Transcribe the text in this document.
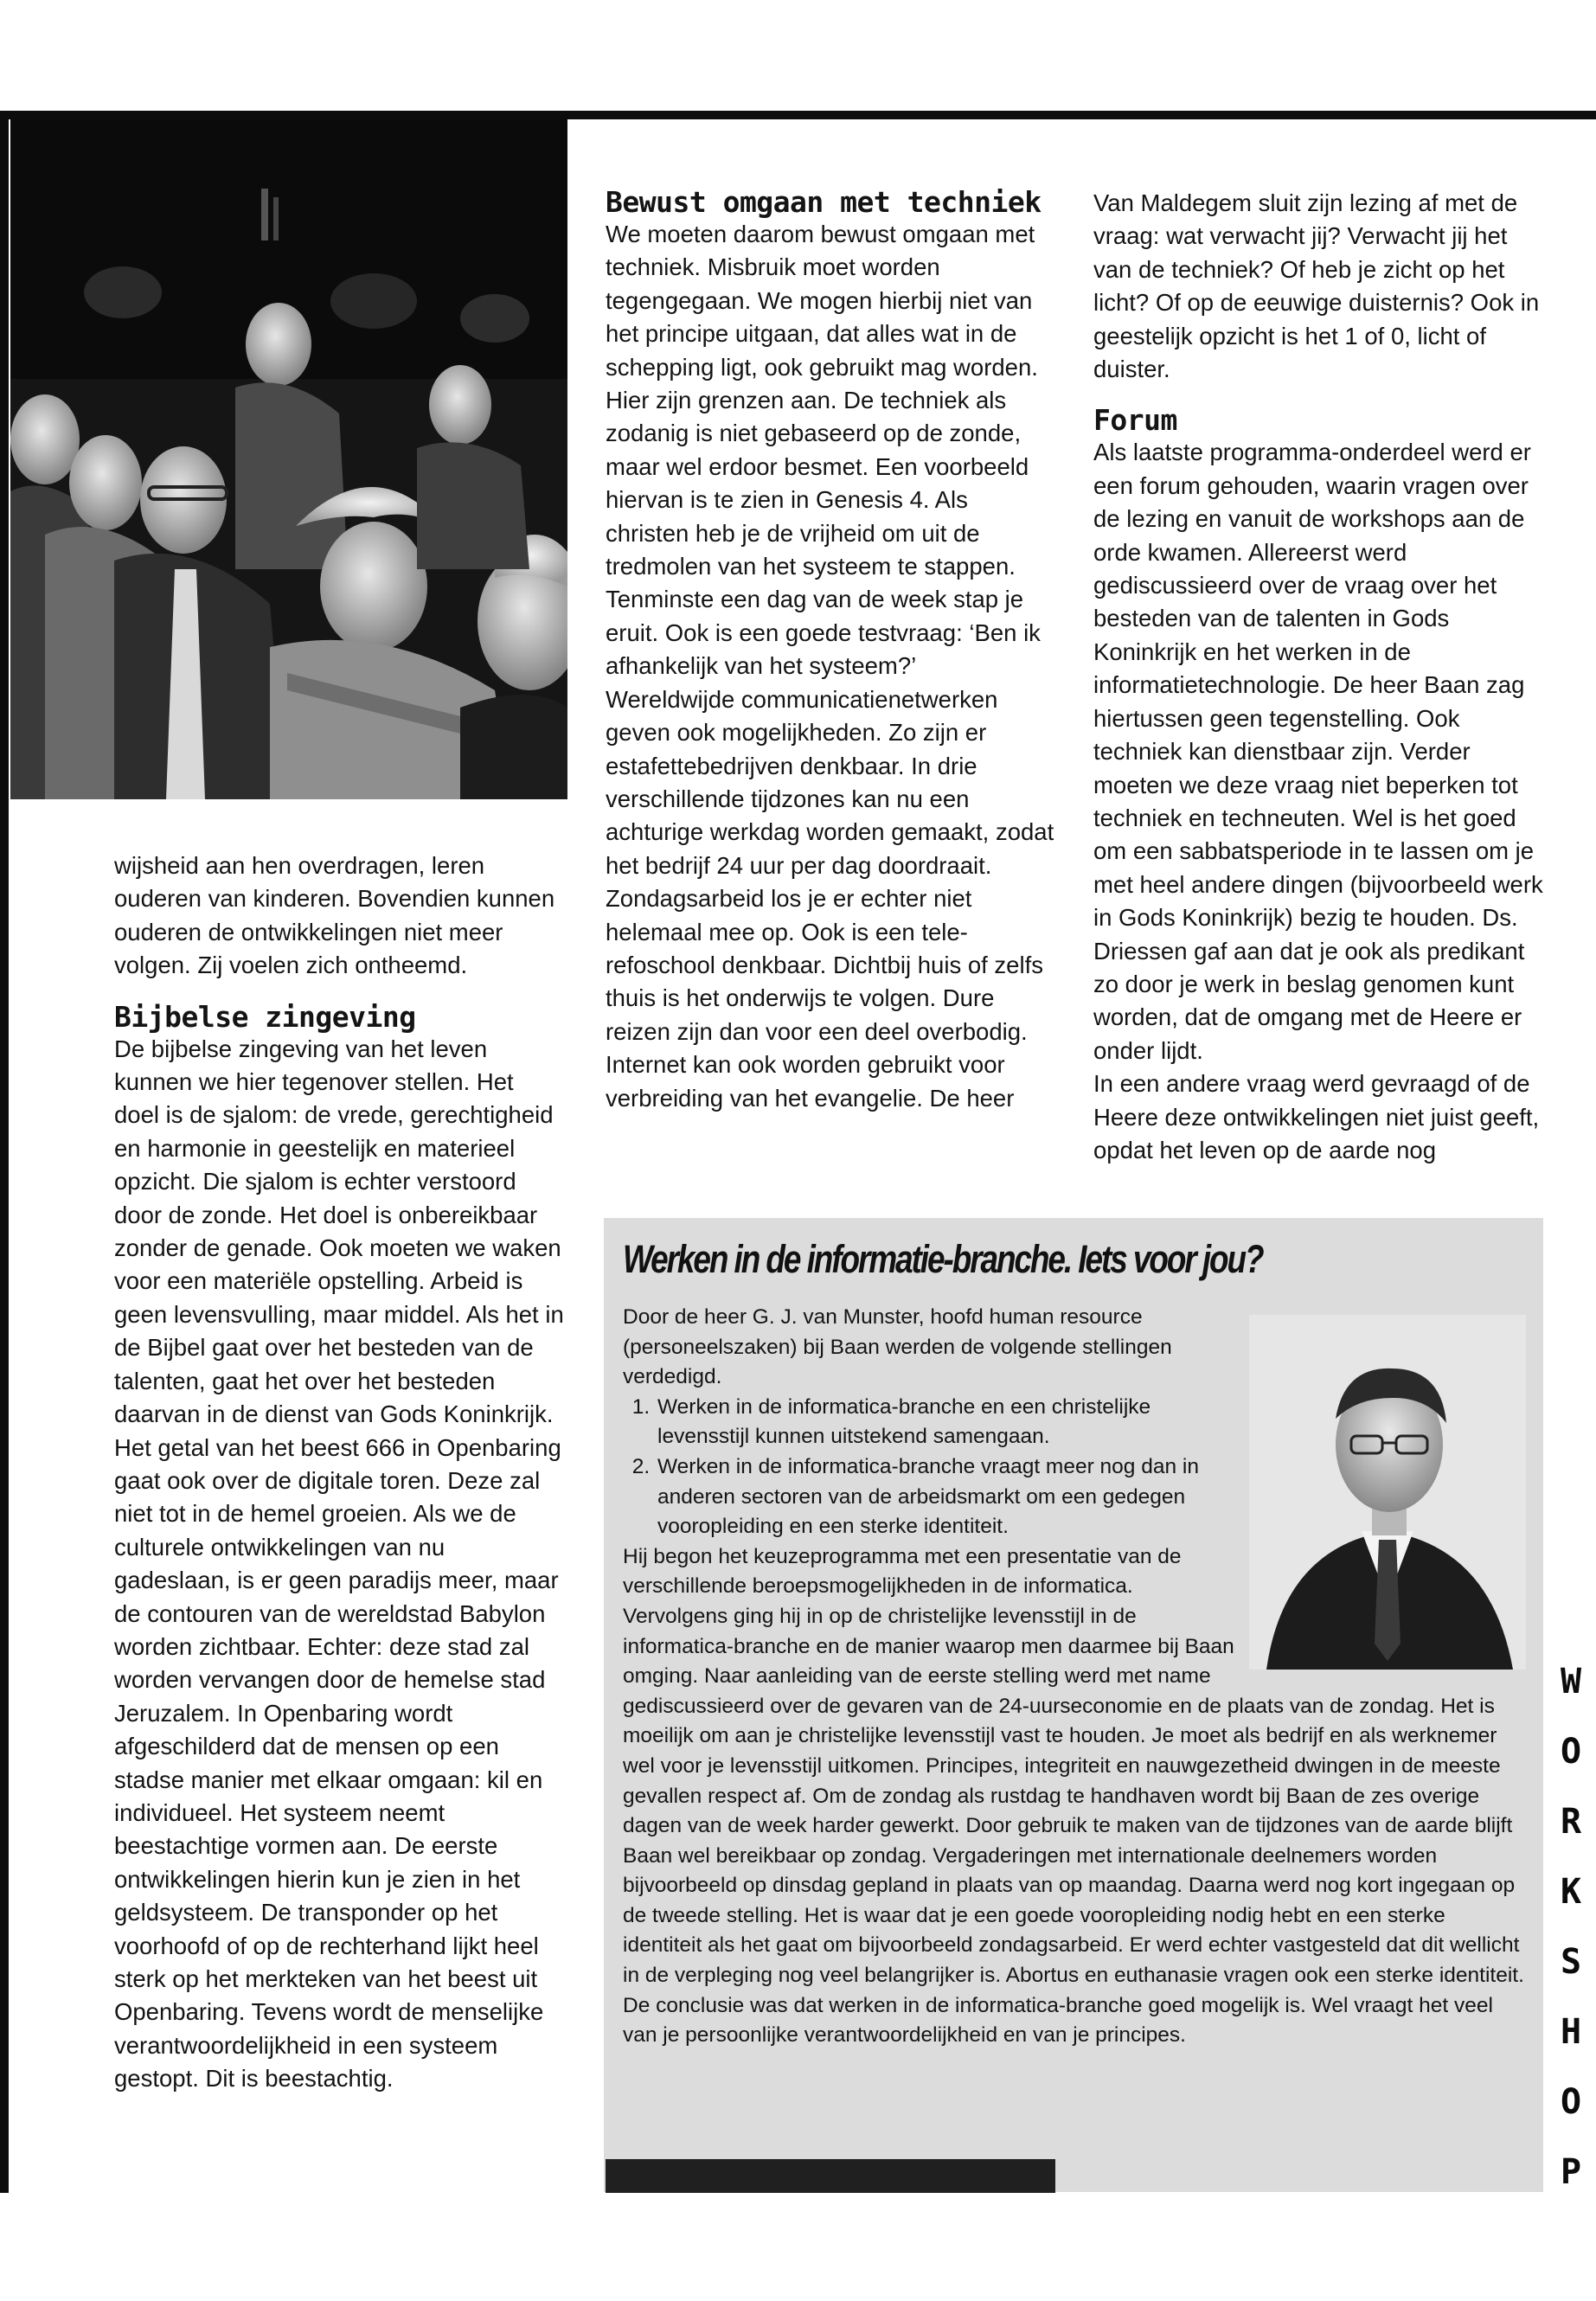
wijsheid aan hen overdragen, leren ouderen van kinderen. Bovendien kunnen ouderen de ontwikkelingen niet meer volgen. Zij voelen zich ontheemd.

Bijbelse zingeving

De bijbelse zingeving van het leven kunnen we hier tegenover stellen. Het doel is de sjalom: de vrede, gerechtigheid en harmonie in geestelijk en materieel opzicht. Die sjalom is echter verstoord door de zonde. Het doel is onbereikbaar zonder de genade. Ook moeten we waken voor een materiële opstelling. Arbeid is geen levensvulling, maar middel. Als het in de Bijbel gaat over het besteden van de talenten, gaat het over het besteden daarvan in de dienst van Gods Koninkrijk.

Het getal van het beest 666 in Openbaring gaat ook over de digitale toren. Deze zal niet tot in de hemel groeien. Als we de culturele ontwikkelingen van nu gadeslaan, is er geen paradijs meer, maar de contouren van de wereldstad Babylon worden zichtbaar. Echter: deze stad zal worden vervangen door de hemelse stad Jeruzalem. In Openbaring wordt afgeschilderd dat de mensen op een stadse manier met elkaar omgaan: kil en individueel. Het systeem neemt beestachtige vormen aan. De eerste ontwikkelingen hierin kun je zien in het geldsysteem. De transponder op het voorhoofd of op de rechterhand lijkt heel sterk op het merkteken van het beest uit Openbaring. Tevens wordt de menselijke verantwoordelijkheid in een systeem gestopt. Dit is beestachtig.

Bewust omgaan met techniek

We moeten daarom bewust omgaan met techniek. Misbruik moet worden tegengegaan. We mogen hierbij niet van het principe uitgaan, dat alles wat in de schepping ligt, ook gebruikt mag worden. Hier zijn grenzen aan. De techniek als zodanig is niet gebaseerd op de zonde, maar wel erdoor besmet. Een voorbeeld hiervan is te zien in Genesis 4. Als christen heb je de vrijheid om uit de tredmolen van het systeem te stappen. Tenminste een dag van de week stap je eruit. Ook is een goede testvraag: ‘Ben ik afhankelijk van het systeem?’

Wereldwijde communicatienetwerken geven ook mogelijkheden. Zo zijn er estafettebedrijven denkbaar. In drie verschillende tijdzones kan nu een achturige werkdag worden gemaakt, zodat het bedrijf 24 uur per dag doordraait. Zondagsarbeid los je er echter niet helemaal mee op. Ook is een tele-refoschool denkbaar. Dichtbij huis of zelfs thuis is het onderwijs te volgen. Dure reizen zijn dan voor een deel overbodig. Internet kan ook worden gebruikt voor verbreiding van het evangelie. De heer

Van Maldegem sluit zijn lezing af met de vraag: wat verwacht jij? Verwacht jij het van de techniek? Of heb je zicht op het licht? Of op de eeuwige duisternis? Ook in geestelijk opzicht is het 1 of 0, licht of duister.

Forum

Als laatste programma-onderdeel werd er een forum gehouden, waarin vragen over de lezing en vanuit de workshops aan de orde kwamen. Allereerst werd gediscussieerd over de vraag over het besteden van de talenten in Gods Koninkrijk en het werken in de informatietechnologie. De heer Baan zag hiertussen geen tegenstelling. Ook techniek kan dienstbaar zijn. Verder moeten we deze vraag niet beperken tot techniek en techneuten. Wel is het goed om een sabbatsperiode in te lassen om je met heel andere dingen (bijvoorbeeld werk in Gods Koninkrijk) bezig te houden. Ds. Driessen gaf aan dat je ook als predikant zo door je werk in beslag genomen kunt worden, dat de omgang met de Heere er onder lijdt.

In een andere vraag werd gevraagd of de Heere deze ontwikkelingen niet juist geeft, opdat het leven op de aarde nog

Werken in de informatie-branche. Iets voor jou?

Door de heer G. J. van Munster, hoofd human resource (personeelszaken) bij Baan werden de volgende stellingen verdedigd.

1. Werken in de informatica-branche en een christelijke levensstijl kunnen uitstekend samengaan.
2. Werken in de informatica-branche vraagt meer nog dan in anderen sectoren van de arbeidsmarkt om een gedegen vooropleiding en een sterke identiteit.

Hij begon het keuzeprogramma met een presentatie van de verschillende beroepsmogelijkheden in de informatica. Vervolgens ging hij in op de christelijke levensstijl in de informatica-branche en de manier waarop men daarmee bij Baan omging. Naar aanleiding van de eerste stelling werd met name gediscussieerd over de gevaren van de 24-uurseconomie en de plaats van de zondag. Het is moeilijk om aan je christelijke levensstijl vast te houden. Je moet als bedrijf en als werknemer wel voor je levensstijl uitkomen. Principes, integriteit en nauwgezetheid dwingen in de meeste gevallen respect af. Om de zondag als rustdag te handhaven wordt bij Baan de zes overige dagen van de week harder gewerkt. Door gebruik te maken van de tijdzones van de aarde blijft Baan wel bereikbaar op zondag. Vergaderingen met internationale deelnemers worden bijvoorbeeld op dinsdag gepland in plaats van op maandag. Daarna werd nog kort ingegaan op de tweede stelling. Het is waar dat je een goede vooropleiding nodig hebt en een sterke identiteit als het gaat om bijvoorbeeld zondagsarbeid. Er werd echter vastgesteld dat dit wellicht in de verpleging nog veel belangrijker is. Abortus en euthanasie vragen ook een sterke identiteit.

De conclusie was dat werken in de informatica-branche goed mogelijk is. Wel vraagt het veel van je persoonlijke verantwoordelijkheid en van je principes.

W
O
R
K
S
H
O
P
